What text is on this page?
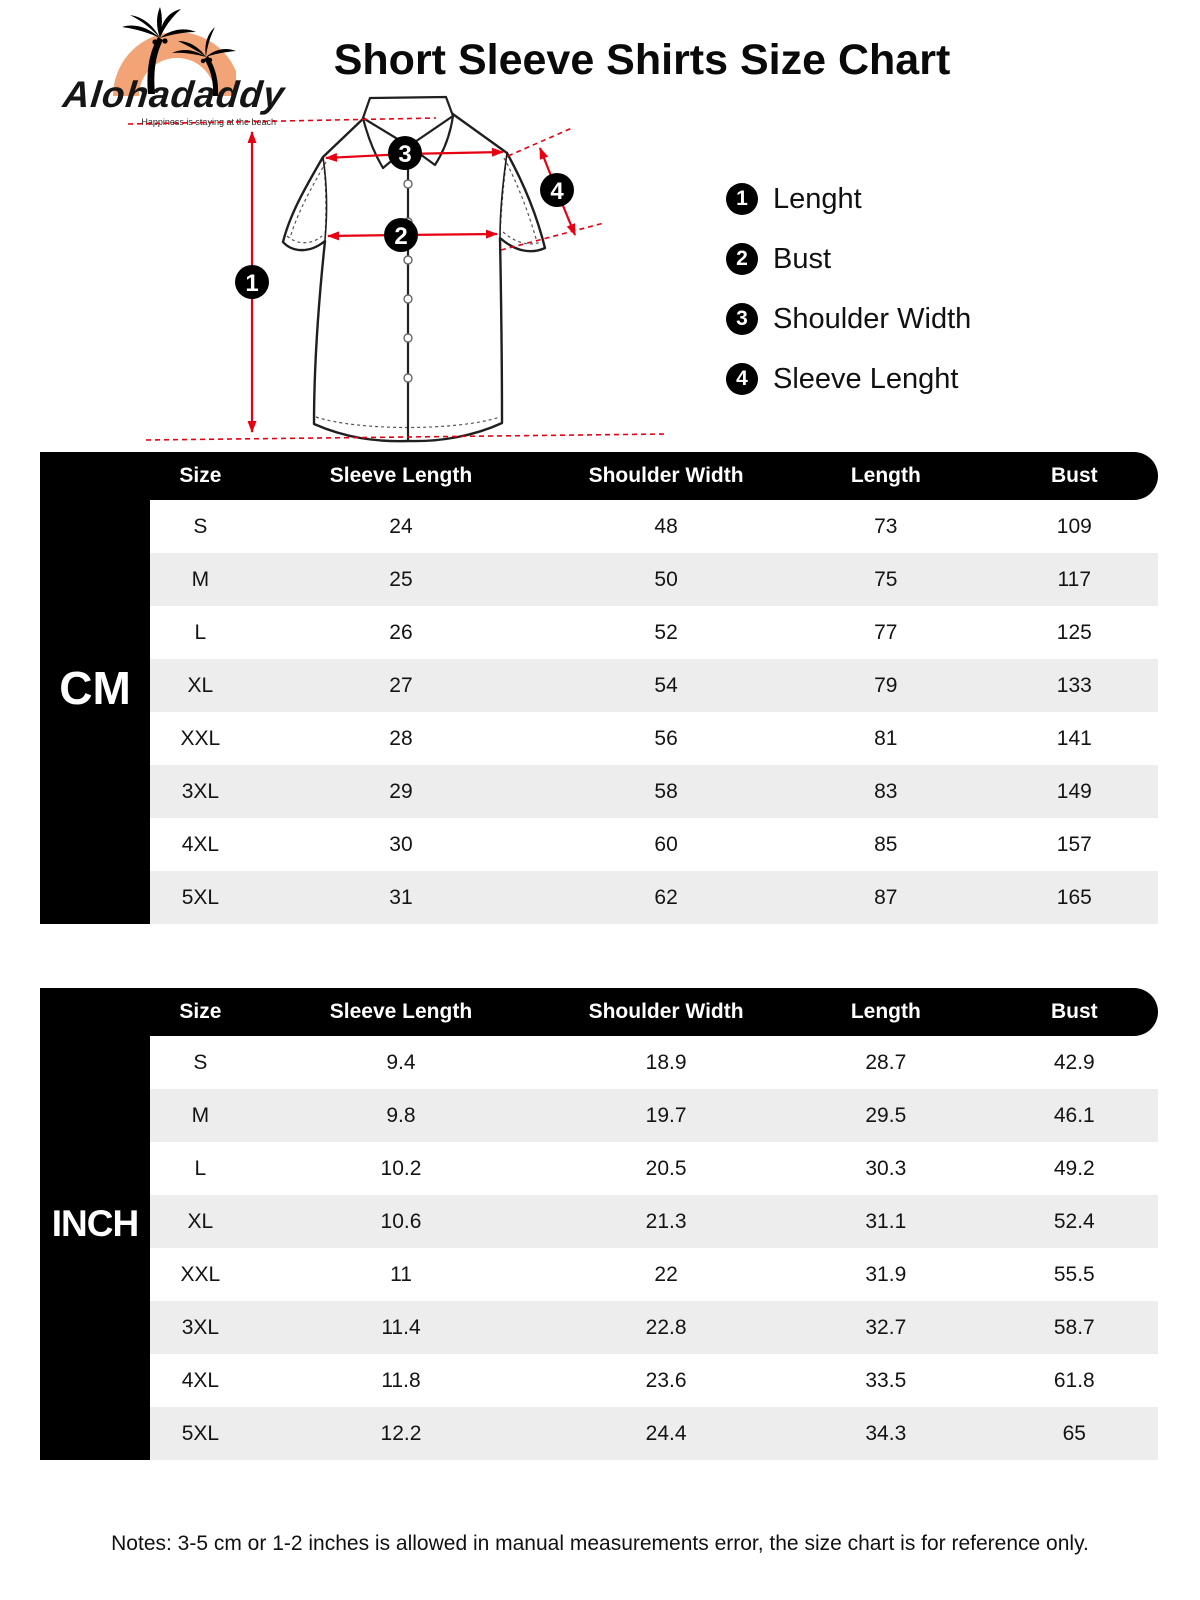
Alohadaddy
Happiness is staying at the beach
Short Sleeve Shirts Size Chart
1
2
3
4	1 Lenght
2 Bust
3 Shoulder Width
4 Sleeve Lenght
CM
Size	Sleeve Length	Shoulder Width	Length	Bust
S	24	48	73	109
M	25	50	75	117
L	26	52	77	125
XL	27	54	79	133
XXL	28	56	81	141
3XL	29	58	83	149
4XL	30	60	85	157
5XL	31	62	87	165
INCH
Size	Sleeve Length	Shoulder Width	Length	Bust
S	9.4	18.9	28.7	42.9
M	9.8	19.7	29.5	46.1
L	10.2	20.5	30.3	49.2
XL	10.6	21.3	31.1	52.4
XXL	11	22	31.9	55.5
3XL	11.4	22.8	32.7	58.7
4XL	11.8	23.6	33.5	61.8
5XL	12.2	24.4	34.3	65
Notes: 3-5 cm or 1-2 inches is allowed in manual measurements error, the size chart is for reference only.
